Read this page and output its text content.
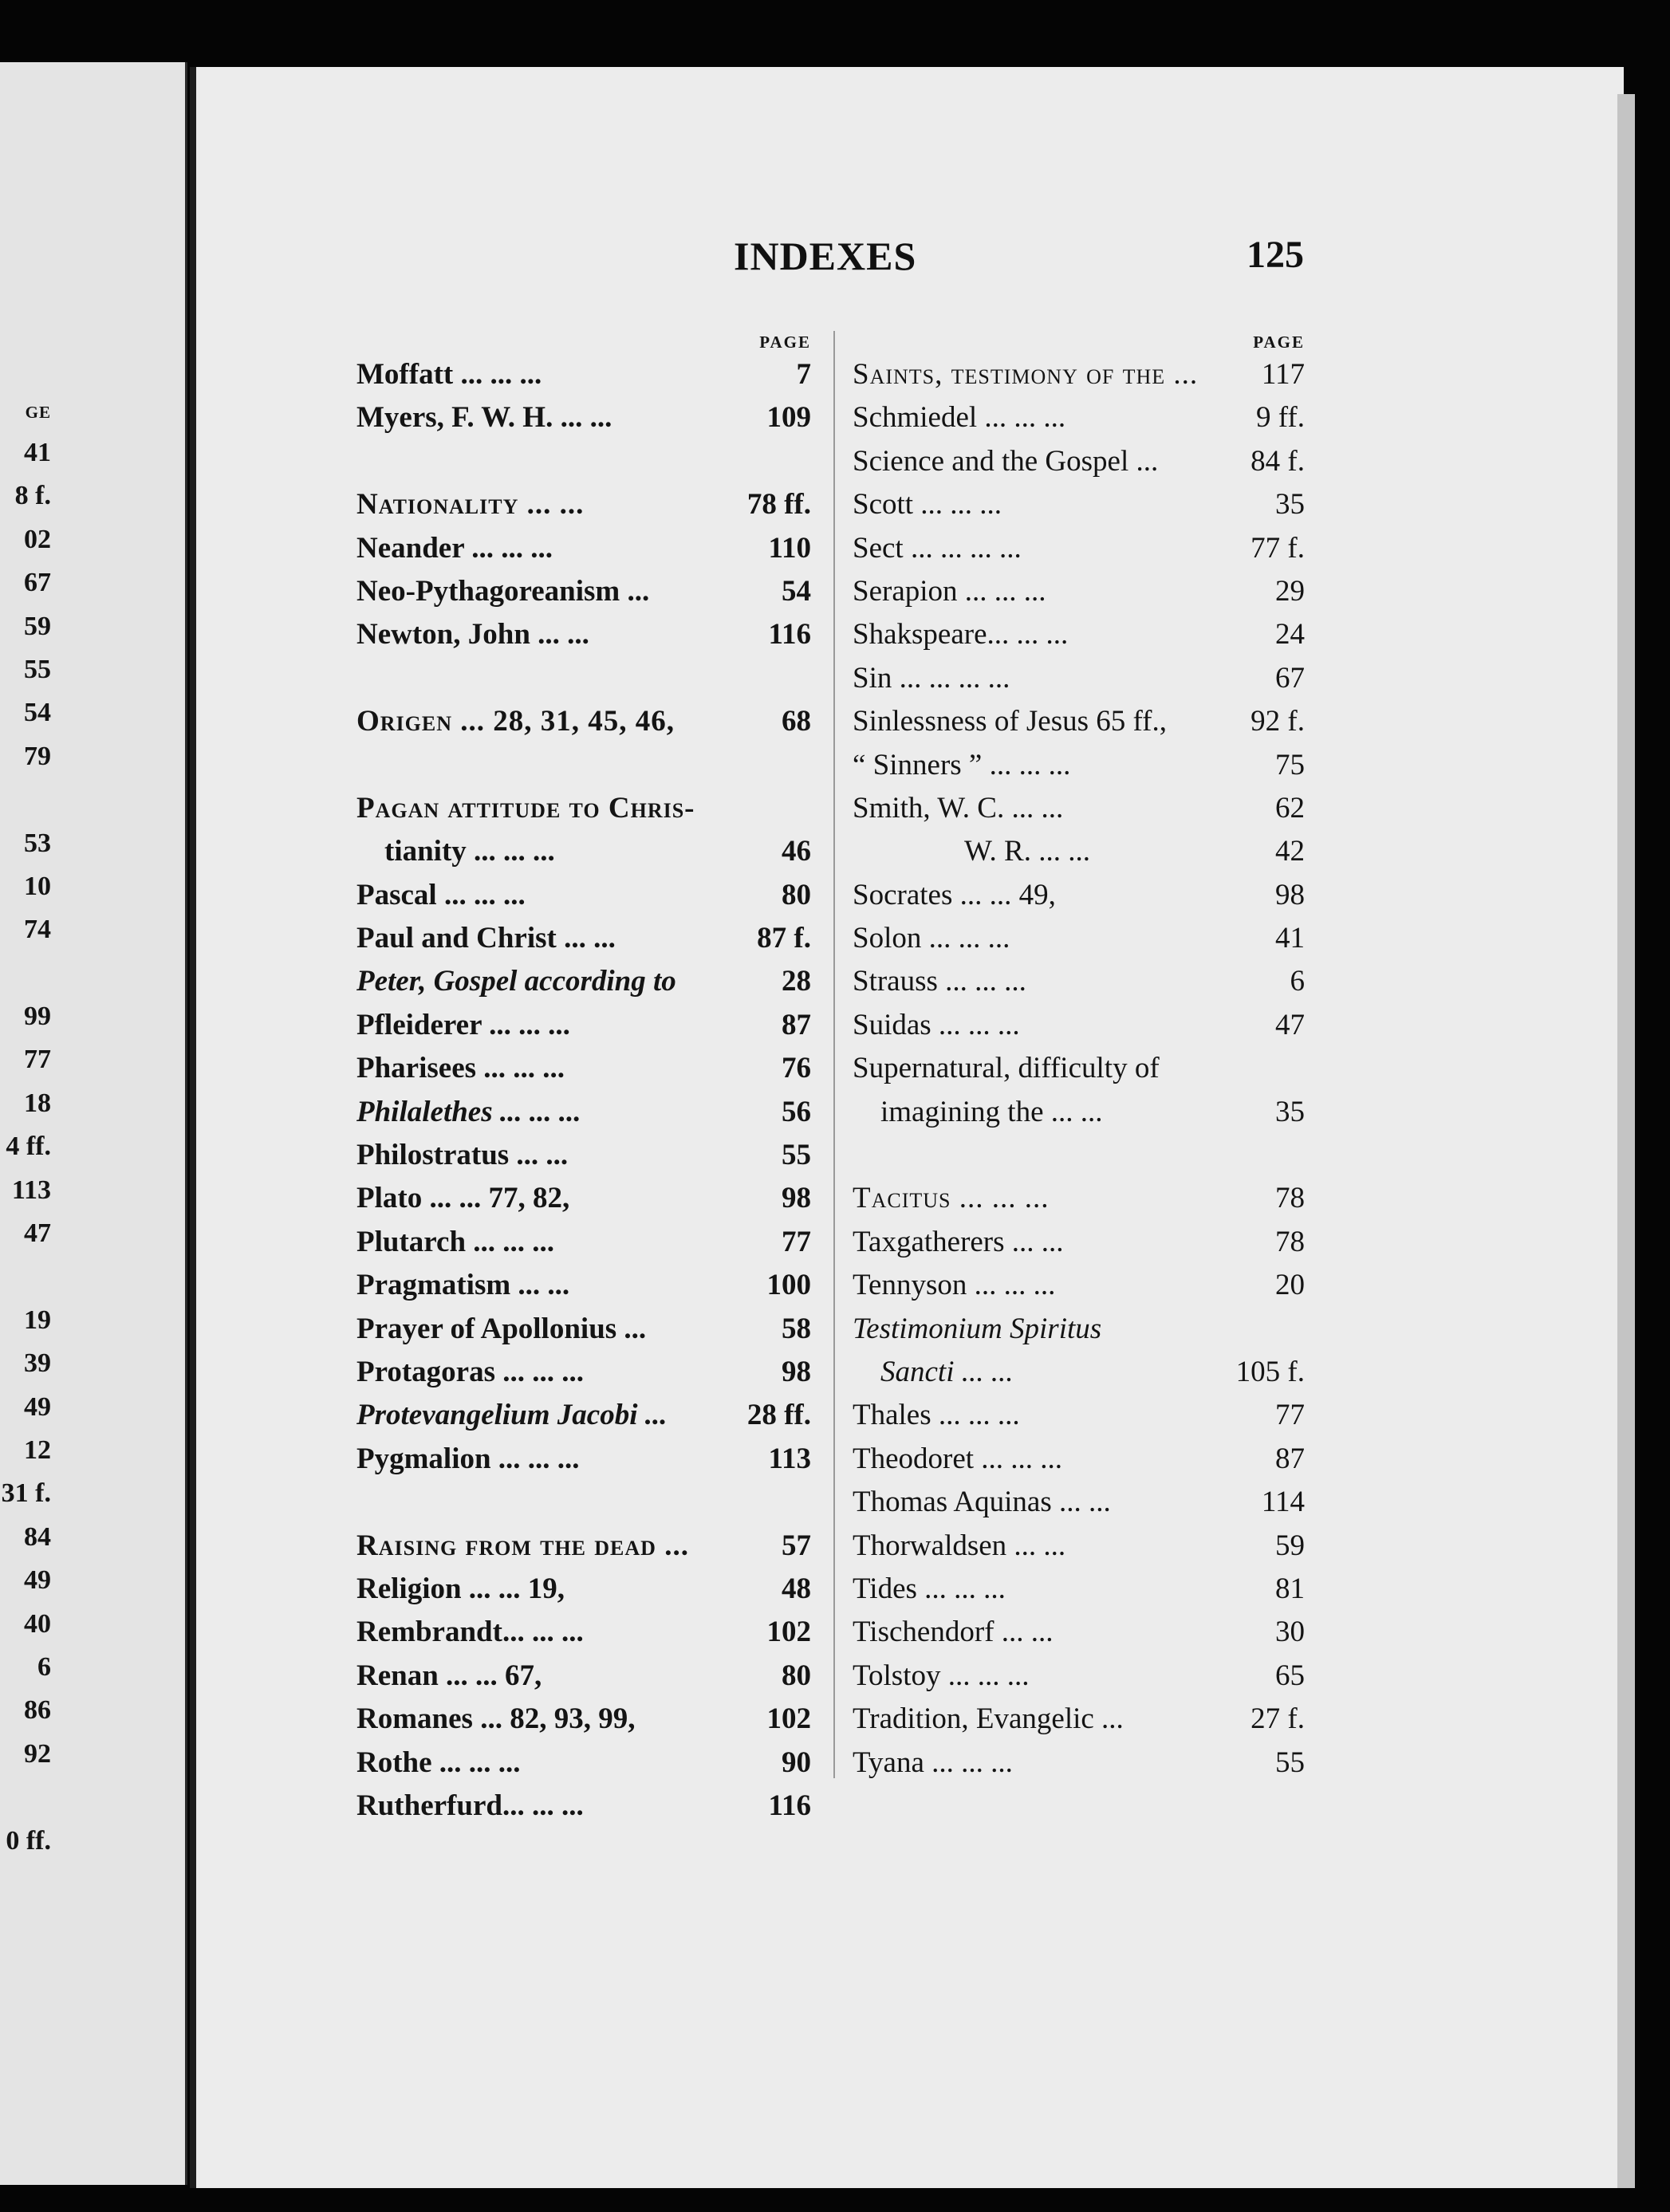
GE
41
8 f.
02
67
59
55
54
79
53
10
74
99
77
18
4 ff.
113
47
19
39
49
12
31 f.
84
49
40
6
86
92
0 ff.
INDEXES	125
PAGE
Moffatt ... ... ...	7
Myers, F. W. H. ... ...	109
Nationality ... ...	78 ff.
Neander ... ... ...	110
Neo-Pythagoreanism ...	54
Newton, John ... ...	116
Origen ... 28, 31, 45, 46,	68
Pagan attitude to Chris-
tianity ... ... ...	46
Pascal ... ... ...	80
Paul and Christ ... ...	87 f.
Peter, Gospel according to	28
Pfleiderer ... ... ...	87
Pharisees ... ... ...	76
Philalethes ... ... ...	56
Philostratus ... ...	55
Plato ... ... 77, 82,	98
Plutarch ... ... ...	77
Pragmatism ... ...	100
Prayer of Apollonius ...	58
Protagoras ... ... ...	98
Protevangelium Jacobi ...	28 ff.
Pygmalion ... ... ...	113
Raising from the dead ...	57
Religion ... ... 19,	48
Rembrandt... ... ...	102
Renan ... ... 67,	80
Romanes ... 82, 93, 99,	102
Rothe ... ... ...	90
Rutherfurd... ... ...	116
PAGE
Saints, testimony of the ...	117
Schmiedel ... ... ...	9 ff.
Science and the Gospel ...	84 f.
Scott ... ... ...	35
Sect ... ... ... ...	77 f.
Serapion ... ... ...	29
Shakspeare... ... ...	24
Sin ... ... ... ...	67
Sinlessness of Jesus 65 ff.,	92 f.
“ Sinners ” ... ... ...	75
Smith, W. C. ... ...	62
W. R. ... ...	42
Socrates ... ... 49,	98
Solon ... ... ...	41
Strauss ... ... ...	6
Suidas ... ... ...	47
Supernatural, difficulty of
imagining the ... ...	35
Tacitus ... ... ...	78
Taxgatherers ... ...	78
Tennyson ... ... ...	20
Testimonium Spiritus
Sancti ... ...	105 f.
Thales ... ... ...	77
Theodoret ... ... ...	87
Thomas Aquinas ... ...	114
Thorwaldsen ... ...	59
Tides ... ... ...	81
Tischendorf ... ...	30
Tolstoy ... ... ...	65
Tradition, Evangelic ...	27 f.
Tyana ... ... ...	55
